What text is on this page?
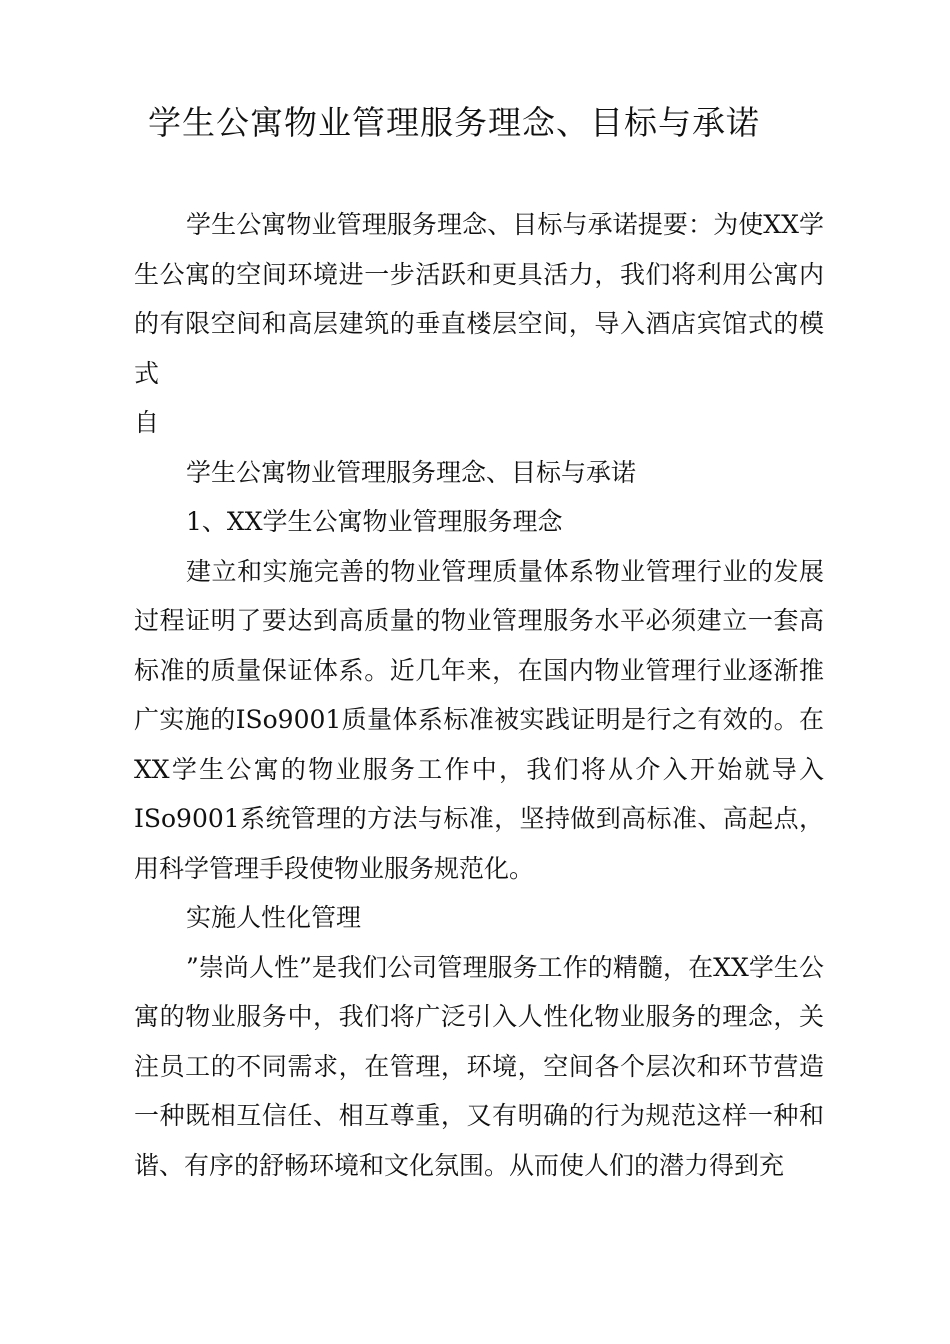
学生公寓物业管理服务理念、目标与承诺

学生公寓物业管理服务理念、目标与承诺提要：为使XX学生公寓的空间环境进一步活跃和更具活力，我们将利用公寓内的有限空间和高层建筑的垂直楼层空间，导入酒店宾馆式的模式

自

学生公寓物业管理服务理念、目标与承诺

1、XX学生公寓物业管理服务理念

建立和实施完善的物业管理质量体系物业管理行业的发展过程证明了要达到高质量的物业管理服务水平必须建立一套高标准的质量保证体系。近几年来，在国内物业管理行业逐渐推广实施的ISo9001质量体系标准被实践证明是行之有效的。在XX学生公寓的物业服务工作中，我们将从介入开始就导入ISo9001系统管理的方法与标准，坚持做到高标准、高起点，用科学管理手段使物业服务规范化。

实施人性化管理

”崇尚人性”是我们公司管理服务工作的精髓，在XX学生公寓的物业服务中，我们将广泛引入人性化物业服务的理念，关注员工的不同需求，在管理，环境，空间各个层次和环节营造一种既相互信任、相互尊重，又有明确的行为规范这样一种和谐、有序的舒畅环境和文化氛围。从而使人们的潜力得到充
